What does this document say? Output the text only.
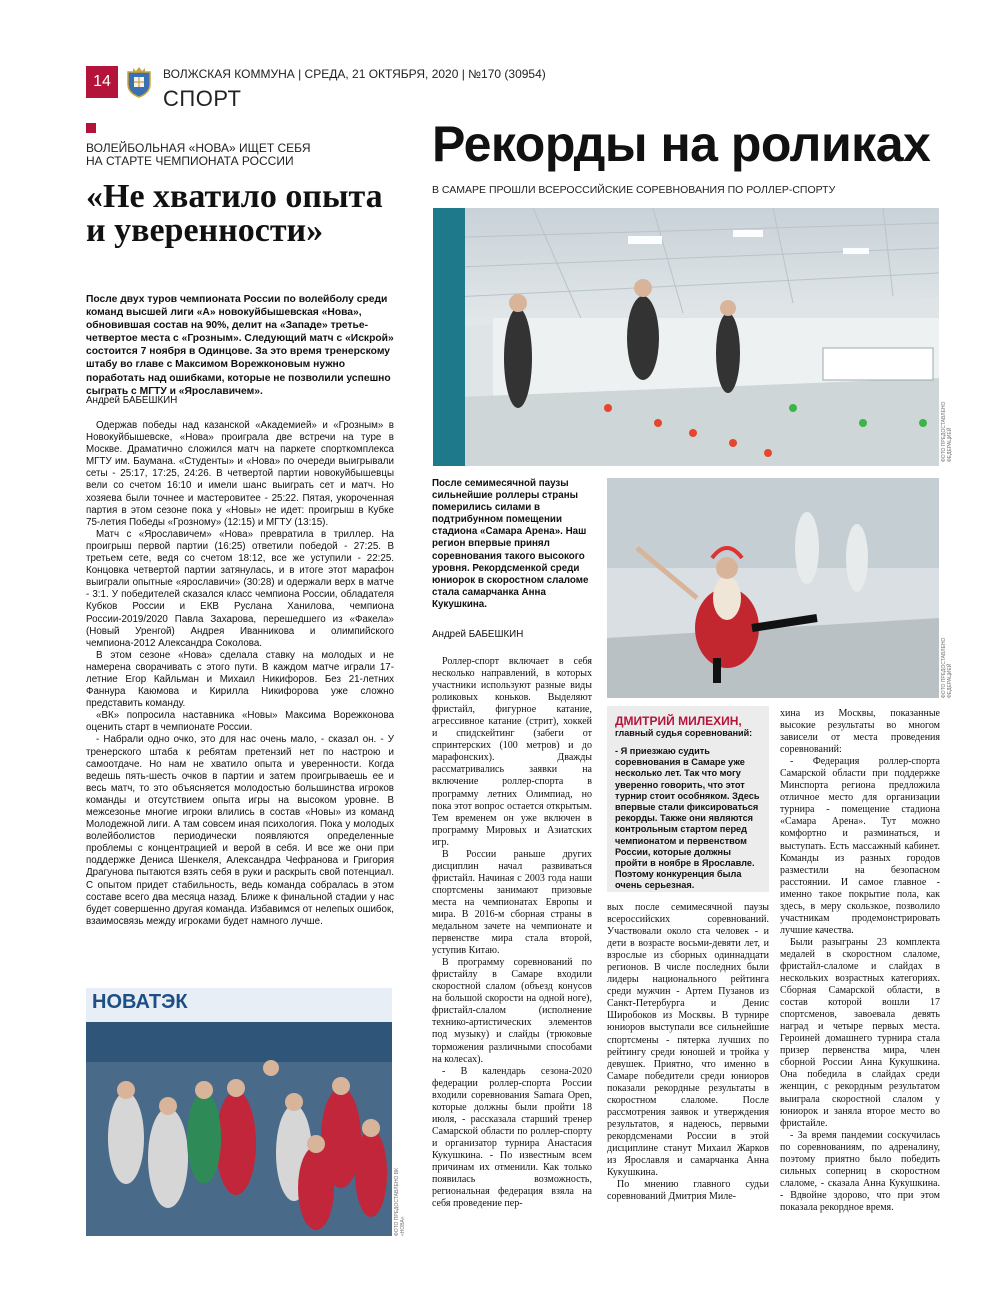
14	ВОЛЖСКАЯ КОММУНА | СРЕДА, 21 ОКТЯБРЯ, 2020 | №170 (30954)
СПОРТ
ВОЛЕЙБОЛЬНАЯ «НОВА» ИЩЕТ СЕБЯ НА СТАРТЕ ЧЕМПИОНАТА РОССИИ
«Не хватило опыта и уверенности»
После двух туров чемпионата России по волейболу среди команд высшей лиги «А» новокуйбышевская «Нова», обновившая состав на 90%, делит на «Западе» третье-четвертое места с «Грозным». Следующий матч с «Искрой» состоится 7 ноября в Одинцове. За это время тренерскому штабу во главе с Максимом Ворежконовым нужно поработать над ошибками, которые не позволили успешно сыграть с МГТУ и «Ярославичем».
Андрей БАБЕШКИН

Одержав победы над казанской «Академией» и «Грозным» в Новокуйбышевске, «Нова» проиграла две встречи на туре в Москве. Драматично сложился матч на паркете спорткомплекса МГТУ им. Баумана. «Студенты» и «Нова» по очереди выигрывали сеты - 25:17, 17:25, 24:26. В четвертой партии новокуйбышевцы вели со счетом 16:10 и имели шанс выиграть сет и матч. Но хозяева были точнее и мастеровитее - 25:22. Пятая, укороченная партия в этом сезоне пока у «Новы» не идет: проигрыш в Кубке 75-летия Победы «Грозному» (12:15) и МГТУ (13:15).

Матч с «Ярославичем» «Нова» превратила в триллер. На проигрыш первой партии (16:25) ответили победой - 27:25. В третьем сете, ведя со счетом 18:12, все же уступили - 22:25. Концовка четвертой партии затянулась, и в итоге этот марафон выиграли опытные «ярославичи» (30:28) и одержали верх в матче - 3:1. У победителей сказался класс чемпиона России, обладателя Кубков России и ЕКВ Руслана Ханилова, чемпиона России-2019/2020 Павла Захарова, перешедшего из «Факела» (Новый Уренгой) Андрея Иванникова и олимпийского чемпиона-2012 Александра Соколова.

В этом сезоне «Нова» сделала ставку на молодых и не намерена сворачивать с этого пути. В каждом матче играли 17-летние Егор Кайльман и Михаил Никифоров. Без 21-летних Фаннура Каюмова и Кирилла Никифорова уже сложно представить команду.

«ВК» попросила наставника «Новы» Максима Ворежконова оценить старт в чемпионате России.

- Набрали одно очко, это для нас очень мало, - сказал он. - У тренерского штаба к ребятам претензий нет по настрою и самоотдаче. Но нам не хватило опыта и уверенности. Когда ведешь пять-шесть очков в партии и затем проигрываешь ее и весь матч, то это объясняется молодостью большинства игроков команды и отсутствием опыта игры на высоком уровне. В межсезонье многие игроки влились в состав «Новы» из команд Молодежной лиги. А там совсем иная психология. Пока у молодых волейболистов периодически появляются определенные проблемы с концентрацией и верой в себя. И все же они при поддержке Дениса Шенкеля, Александра Чефранова и Григория Драгунова пытаются взять себя в руки и раскрыть свой потенциал. С опытом придет стабильность, ведь команда собралась в этом составе всего два месяца назад. Ближе к финальной стадии у нас будет совершенно другая команда. Избавимся от нелепых ошибок, взаимосвязь между игроками будет намного лучше.

НОВАТЭК
ФОТО ПРЕДОСТАВЛЕНО ВК «НОВА»
Рекорды на роликах
В САМАРЕ ПРОШЛИ ВСЕРОССИЙСКИЕ СОРЕВНОВАНИЯ ПО РОЛЛЕР-СПОРТУ
ФОТО ПРЕДОСТАВЛЕНО ФЕДЕРАЦИЕЙ
После семимесячной паузы сильнейшие роллеры страны померились силами в подтрибунном помещении стадиона «Самара Арена». Наш регион впервые принял соревнования такого высокого уровня. Рекордсменкой среди юниорок в скоростном слаломе стала самарчанка Анна Кукушкина.
Андрей БАБЕШКИН
ФОТО ПРЕДОСТАВЛЕНО ФЕДЕРАЦИЕЙ

Роллер-спорт включает в себя несколько направлений, в которых участники используют разные виды роликовых коньков. Выделяют фристайл, фигурное катание, агрессивное катание (стрит), хоккей и спидскейтинг (забеги от спринтерских (100 метров) и до марафонских). Дважды рассматривались заявки на включение роллер-спорта в программу летних Олимпиад, но пока этот вопрос остается открытым. Тем временем он уже включен в программу Мировых и Азиатских игр.

В России раньше других дисциплин начал развиваться фристайл. Начиная с 2003 года наши спортсмены занимают призовые места на чемпионатах Европы и мира. В 2016-м сборная страны в медальном зачете на чемпионате и первенстве мира стала второй, уступив Китаю.

В программу соревнований по фристайлу в Самаре входили скоростной слалом (объезд конусов на большой скорости на одной ноге), фристайл-слалом (исполнение технико-артистических элементов под музыку) и слайды (трюковые торможения различными способами на колесах).

- В календарь сезона-2020 федерации роллер-спорта России входили соревнования Samara Open, которые должны были пройти 18 июля, - рассказала старший тренер Самарской области по роллер-спорту и организатор турнира Анастасия Кукушкина. - По известным всем причинам их отменили. Как только появилась возможность, региональная федерация взяла на себя проведение пер-

ДМИТРИЙ МИЛЕХИН,
главный судья соревнований:
- Я приезжаю судить соревнования в Самаре уже несколько лет. Так что могу уверенно говорить, что этот турнир стоит особняком. Здесь впервые стали фиксироваться рекорды. Также они являются контрольным стартом перед чемпионатом и первенством России, которые должны пройти в ноябре в Ярославле. Поэтому конкуренция была очень серьезная.

вых после семимесячной паузы всероссийских соревнований. Участвовали около ста человек - и дети в возрасте восьми-девяти лет, и взрослые из сборных одиннадцати регионов. В числе последних были лидеры национального рейтинга среди мужчин - Артем Пузанов из Санкт-Петербурга и Денис Широбоков из Москвы. В турнире юниоров выступали все сильнейшие спортсмены - пятерка лучших по рейтингу среди юношей и тройка у девушек. Приятно, что именно в Самаре победители среди юниоров показали рекордные результаты в скоростном слаломе. После рассмотрения заявок и утверждения результатов, я надеюсь, первыми рекордсменами России в этой дисциплине станут Михаил Жарков из Ярославля и самарчанка Анна Кукушкина.

По мнению главного судьи соревнований Дмитрия Миле-

хина из Москвы, показанные высокие результаты во многом зависели от места проведения соревнований:

- Федерация роллер-спорта Самарской области при поддержке Минспорта региона предложила отличное место для организации турнира - помещение стадиона «Самара Арена». Тут можно комфортно и разминаться, и выступать. Есть массажный кабинет. Команды из разных городов разместили на безопасном расстоянии. И самое главное - именно такое покрытие пола, как здесь, в меру скользкое, позволило участникам продемонстрировать лучшие качества.

Были разыграны 23 комплекта медалей в скоростном слаломе, фристайл-слаломе и слайдах в нескольких возрастных категориях. Сборная Самарской области, в состав которой вошли 17 спортсменов, завоевала девять наград и четыре первых места. Героиней домашнего турнира стала призер первенства мира, член сборной России Анна Кукушкина. Она победила в слайдах среди женщин, с рекордным результатом выиграла скоростной слалом у юниорок и заняла второе место во фристайле.

- За время пандемии соскучилась по соревнованиям, по адреналину, поэтому приятно было победить сильных соперниц в скоростном слаломе, - сказала Анна Кукушкина. - Вдвойне здорово, что при этом показала рекордное время.
